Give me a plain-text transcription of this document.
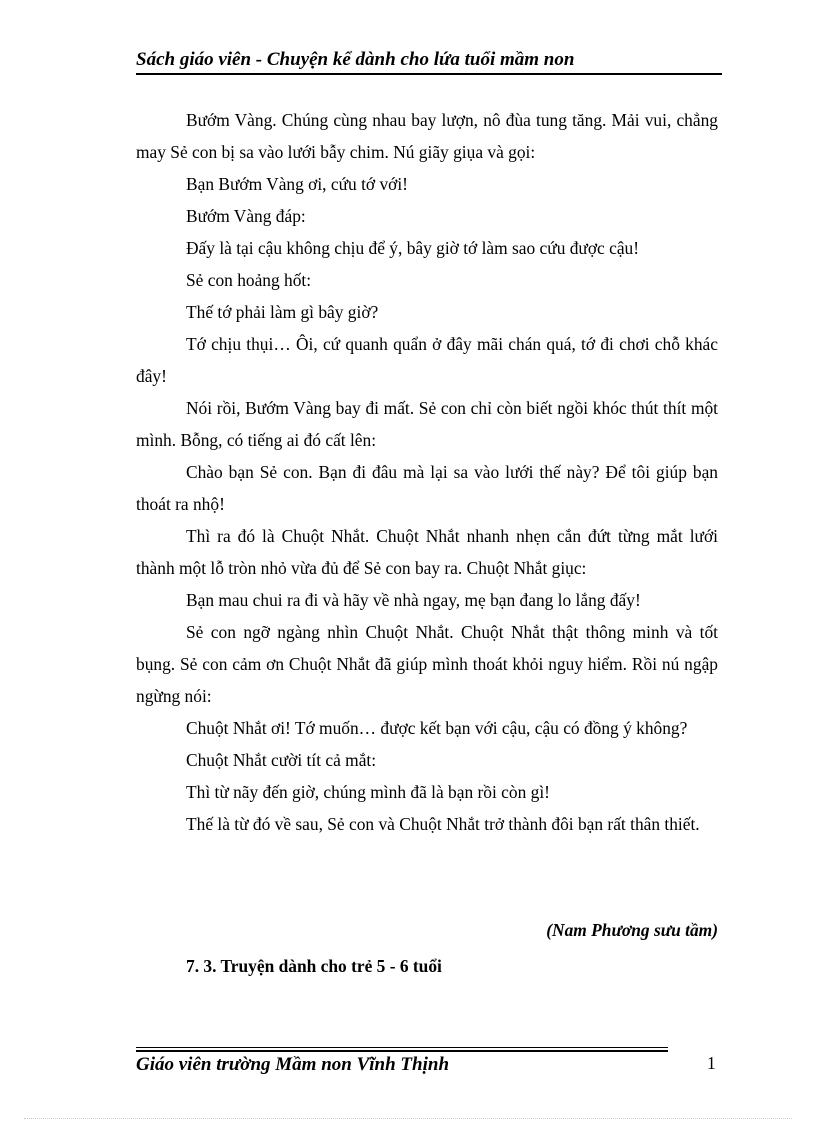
Sách giáo viên - Chuyện kể dành cho lứa tuổi mầm non

Bướm Vàng. Chúng cùng nhau bay lượn, nô đùa tung tăng. Mải vui, chẳng may Sẻ con bị sa vào lưới bẫy chim. Nú giãy giụa và gọi:

Bạn Bướm Vàng ơi, cứu tớ với!

Bướm Vàng đáp:

Đấy là tại cậu không chịu để ý, bây giờ tớ làm sao cứu được cậu!

Sẻ con hoảng hốt:

Thế tớ phải làm gì bây giờ?

Tớ chịu thụi… Ôi, cứ quanh quẩn ở đây mãi chán quá, tớ đi chơi chỗ khác đây!

Nói rồi, Bướm Vàng bay đi mất. Sẻ con chỉ còn biết ngồi khóc thút thít một mình. Bỗng, có tiếng ai đó cất lên:

Chào bạn Sẻ con. Bạn đi đâu mà lại sa vào lưới thế này? Để tôi giúp bạn thoát ra nhộ!

Thì ra đó là Chuột Nhắt. Chuột Nhắt nhanh nhẹn cắn đứt từng mắt lưới thành một lỗ tròn nhỏ vừa đủ để Sẻ con bay ra. Chuột Nhắt giục:

Bạn mau chui ra đi và hãy về nhà ngay, mẹ bạn đang lo lắng đấy!

Sẻ con ngỡ ngàng nhìn Chuột Nhắt. Chuột Nhắt thật thông minh và tốt bụng. Sẻ con cảm ơn Chuột Nhắt đã giúp mình thoát khỏi nguy hiểm. Rồi nú ngập ngừng nói:

Chuột Nhắt ơi! Tớ muốn… được kết bạn với cậu, cậu có đồng ý không?

Chuột Nhắt cười tít cả mắt:

Thì từ nãy đến giờ, chúng mình đã là bạn rồi còn gì!

Thế là từ đó về sau, Sẻ con và Chuột Nhắt trở thành đôi bạn rất thân thiết.

(Nam Phương sưu tầm)
7. 3. Truyện dành cho trẻ 5 - 6 tuổi
Giáo viên trường Mầm non Vĩnh Thịnh	1
